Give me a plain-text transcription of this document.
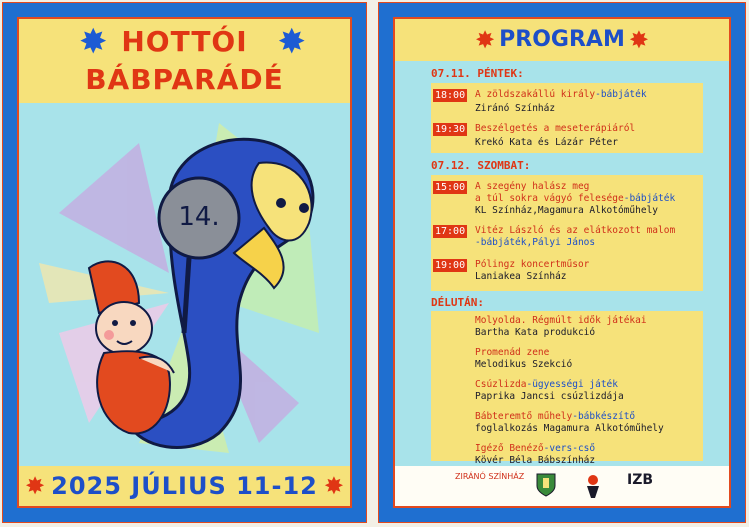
✸	✸
HOTTÓI
BÁBPARÁDÉ
14.
✸	✸
2025 JÚLIUS 11-12
✸	✸
PROGRAM
07.11. PÉNTEK:
18:00 A zöldszakállú király-bábjáték
Ziránó Színház
19:30 Beszélgetés a meseterápiáról
Krekó Kata és Lázár Péter
07.12. SZOMBAT:
15:00 A szegény halász meg
a túl sokra vágyó felesége-bábjáték
KL Színház,Magamura Alkotóműhely
17:00 Vitéz László és az elátkozott malom
-bábjáték,Pályi János
19:00 Pólingz koncertműsor
Laniakea Színház
DÉLUTÁN:
Molyolda. Régmúlt idők játékai
Bartha Kata produkció
Promenád zene
Melodikus Szekció
Csúzlizda-ügyességi játék
Paprika Jancsi csúzlizdája
Bábteremtő műhely-bábkészítő
foglalkozás Magamura Alkotóműhely
Igéző Benéző-vers-cső
Kövér Béla Bábszínház
ZIRÁNÓ SZÍNHÁZ	IZB
